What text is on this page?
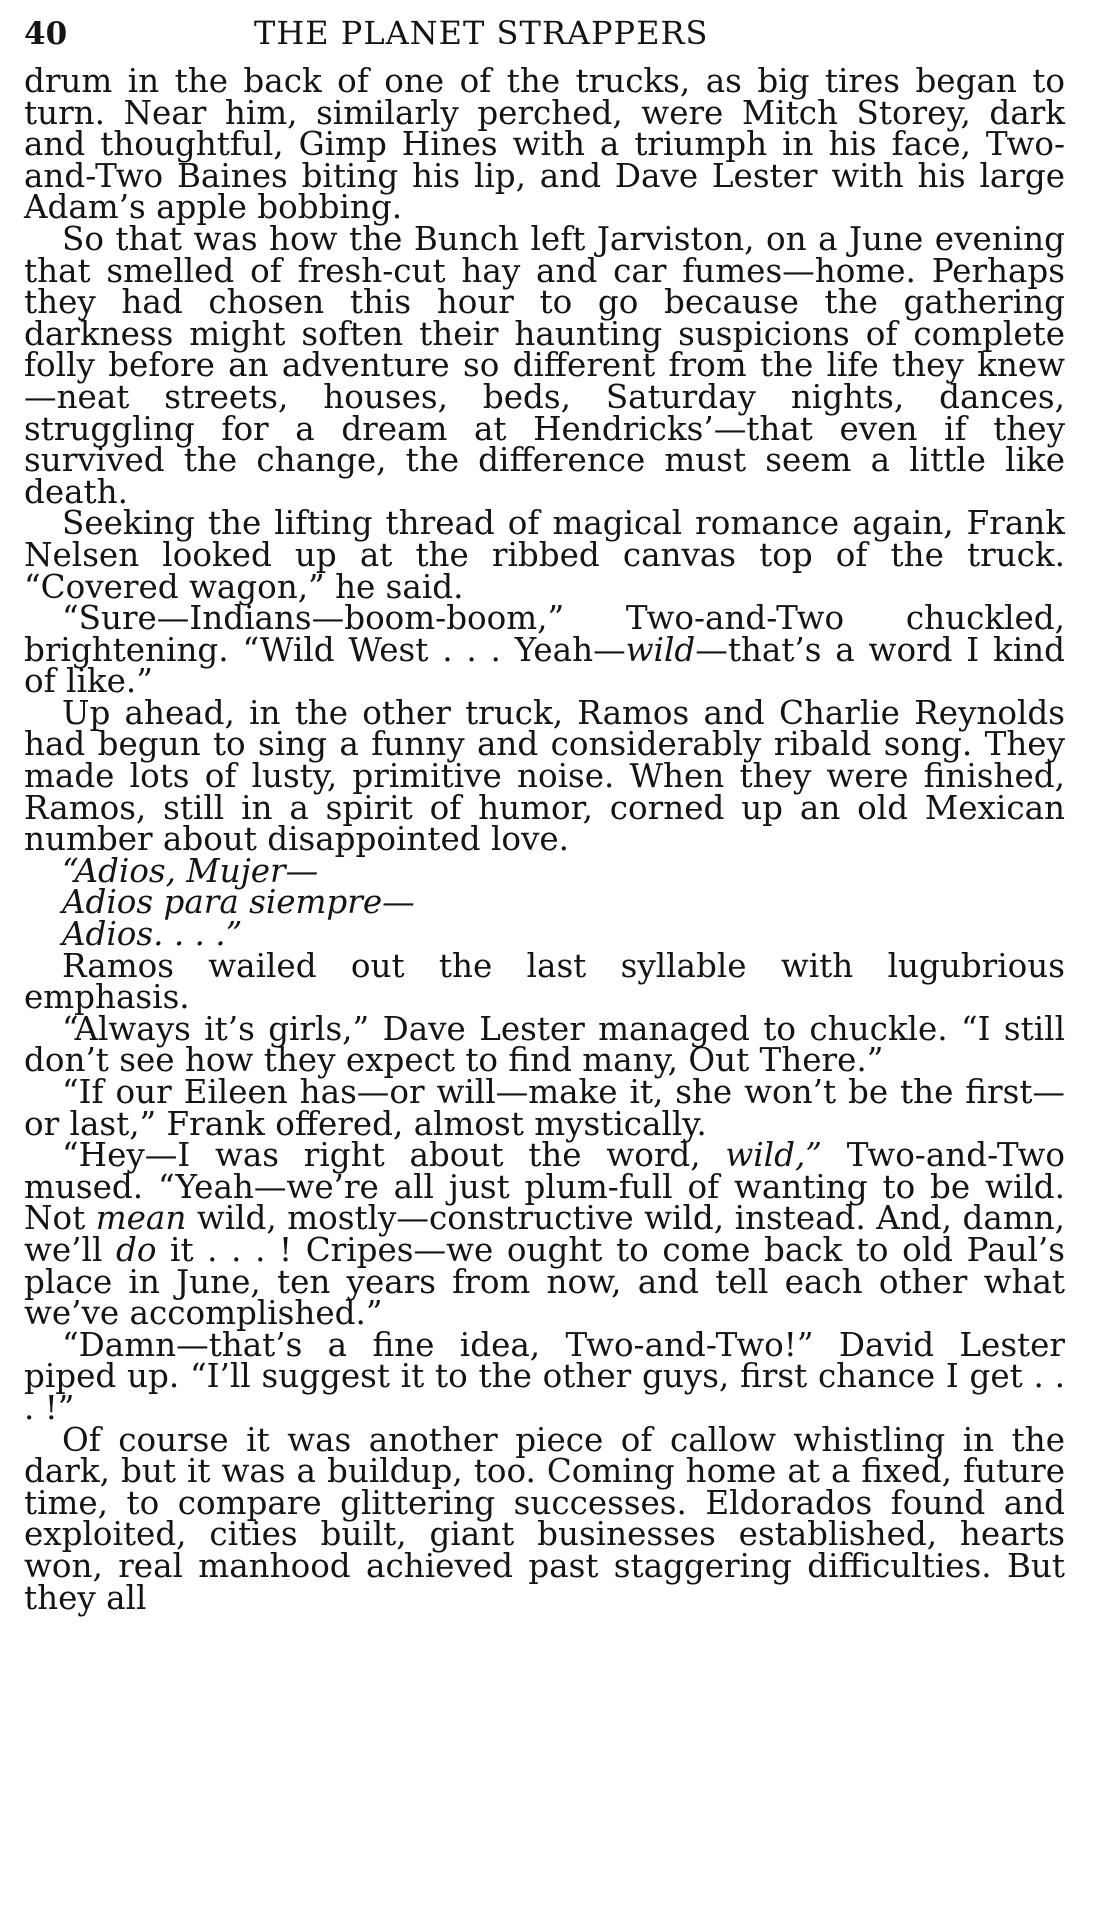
40	THE PLANET STRAPPERS

drum in the back of one of the trucks, as big tires began to turn. Near him, similarly perched, were Mitch Storey, dark and thoughtful, Gimp Hines with a triumph in his face, Two-and-Two Baines biting his lip, and Dave Lester with his large Adam’s apple bobbing.

So that was how the Bunch left Jarviston, on a June evening that smelled of fresh-cut hay and car fumes—home. Perhaps they had chosen this hour to go because the gathering darkness might soften their haunting suspicions of complete folly before an adventure so different from the life they knew—neat streets, houses, beds, Saturday nights, dances, struggling for a dream at Hendricks’—that even if they survived the change, the difference must seem a little like death.

Seeking the lifting thread of magical romance again, Frank Nelsen looked up at the ribbed canvas top of the truck. “Covered wagon,” he said.

“Sure—Indians—boom-boom,” Two-and-Two chuckled, brightening. “Wild West . . . Yeah—wild—that’s a word I kind of like.”

Up ahead, in the other truck, Ramos and Charlie Reynolds had begun to sing a funny and considerably ribald song. They made lots of lusty, primitive noise. When they were finished, Ramos, still in a spirit of humor, corned up an old Mexican number about disappointed love.

“Adios, Mujer—

Adios para siempre—

Adios. . . .”

Ramos wailed out the last syllable with lugubrious emphasis.

“Always it’s girls,” Dave Lester managed to chuckle. “I still don’t see how they expect to find many, Out There.”

“If our Eileen has—or will—make it, she won’t be the first—or last,” Frank offered, almost mystically.

“Hey—I was right about the word, wild,” Two-and-Two mused. “Yeah—we’re all just plum-full of wanting to be wild. Not mean wild, mostly—constructive wild, instead. And, damn, we’ll do it . . . ! Cripes—we ought to come back to old Paul’s place in June, ten years from now, and tell each other what we’ve accomplished.”

“Damn—that’s a fine idea, Two-and-Two!” David Lester piped up. “I’ll suggest it to the other guys, first chance I get . . . !”

Of course it was another piece of callow whistling in the dark, but it was a buildup, too. Coming home at a fixed, future time, to compare glittering successes. Eldorados found and exploited, cities built, giant businesses established, hearts won, real manhood achieved past staggering difficulties. But they all
